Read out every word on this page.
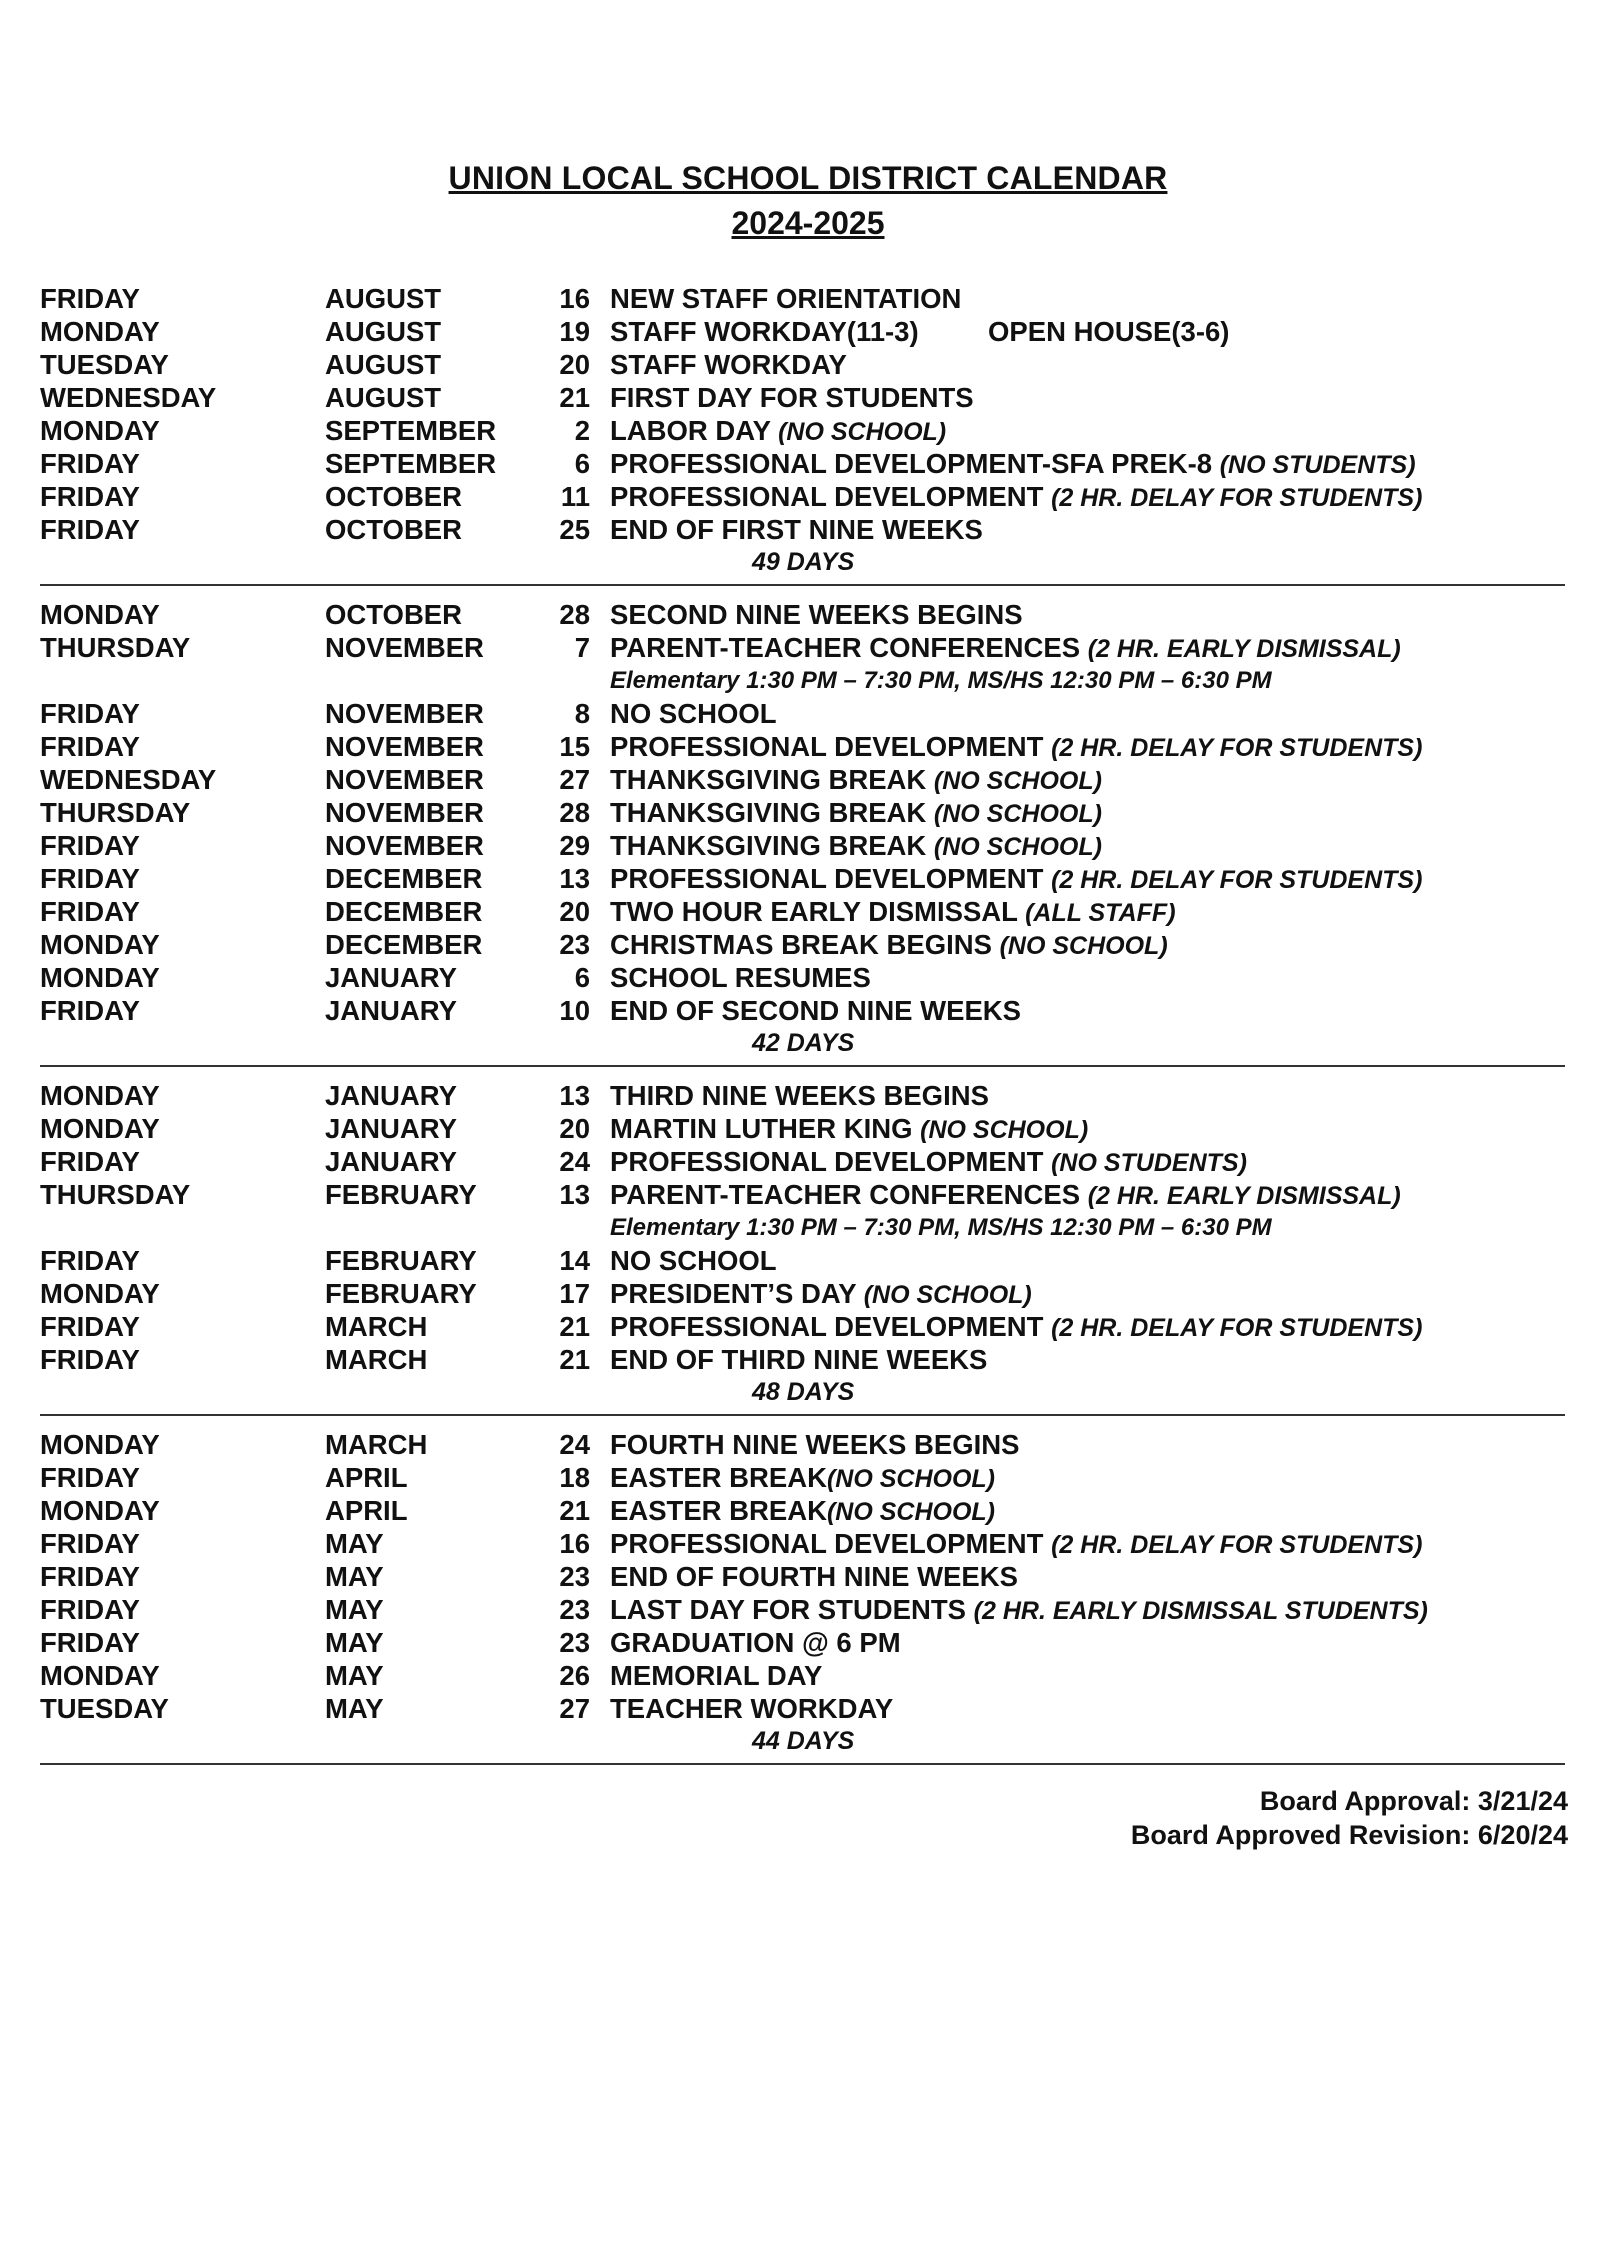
UNION LOCAL SCHOOL DISTRICT CALENDAR
2024-2025
FRIDAY	AUGUST	16 NEW STAFF ORIENTATION
MONDAY	AUGUST	19 STAFF WORKDAY(11-3)	OPEN HOUSE(3-6)
TUESDAY	AUGUST	20 STAFF WORKDAY
WEDNESDAY	AUGUST	21 FIRST DAY FOR STUDENTS
MONDAY	SEPTEMBER	2 LABOR DAY (NO SCHOOL)
FRIDAY	SEPTEMBER	6 PROFESSIONAL DEVELOPMENT-SFA PREK-8 (NO STUDENTS)
FRIDAY	OCTOBER	11 PROFESSIONAL DEVELOPMENT (2 HR. DELAY FOR STUDENTS)
FRIDAY	OCTOBER	25 END OF FIRST NINE WEEKS
49 DAYS
MONDAY	OCTOBER	28 SECOND NINE WEEKS BEGINS
THURSDAY	NOVEMBER	7 PARENT-TEACHER CONFERENCES (2 HR. EARLY DISMISSAL)
Elementary 1:30 PM – 7:30 PM, MS/HS 12:30 PM – 6:30 PM
FRIDAY	NOVEMBER	8 NO SCHOOL
FRIDAY	NOVEMBER	15 PROFESSIONAL DEVELOPMENT (2 HR. DELAY FOR STUDENTS)
WEDNESDAY	NOVEMBER	27 THANKSGIVING BREAK (NO SCHOOL)
THURSDAY	NOVEMBER	28 THANKSGIVING BREAK (NO SCHOOL)
FRIDAY	NOVEMBER	29 THANKSGIVING BREAK (NO SCHOOL)
FRIDAY	DECEMBER	13 PROFESSIONAL DEVELOPMENT (2 HR. DELAY FOR STUDENTS)
FRIDAY	DECEMBER	20 TWO HOUR EARLY DISMISSAL (ALL STAFF)
MONDAY	DECEMBER	23 CHRISTMAS BREAK BEGINS (NO SCHOOL)
MONDAY	JANUARY	6 SCHOOL RESUMES
FRIDAY	JANUARY	10 END OF SECOND NINE WEEKS
42 DAYS
MONDAY	JANUARY	13 THIRD NINE WEEKS BEGINS
MONDAY	JANUARY	20 MARTIN LUTHER KING (NO SCHOOL)
FRIDAY	JANUARY	24 PROFESSIONAL DEVELOPMENT (NO STUDENTS)
THURSDAY	FEBRUARY	13 PARENT-TEACHER CONFERENCES (2 HR. EARLY DISMISSAL)
Elementary 1:30 PM – 7:30 PM, MS/HS 12:30 PM – 6:30 PM
FRIDAY	FEBRUARY	14 NO SCHOOL
MONDAY	FEBRUARY	17 PRESIDENT’S DAY (NO SCHOOL)
FRIDAY	MARCH	21 PROFESSIONAL DEVELOPMENT (2 HR. DELAY FOR STUDENTS)
FRIDAY	MARCH	21 END OF THIRD NINE WEEKS
48 DAYS
MONDAY	MARCH	24 FOURTH NINE WEEKS BEGINS
FRIDAY	APRIL	18 EASTER BREAK(NO SCHOOL)
MONDAY	APRIL	21 EASTER BREAK(NO SCHOOL)
FRIDAY	MAY	16 PROFESSIONAL DEVELOPMENT (2 HR. DELAY FOR STUDENTS)
FRIDAY	MAY	23 END OF FOURTH NINE WEEKS
FRIDAY	MAY	23 LAST DAY FOR STUDENTS (2 HR. EARLY DISMISSAL STUDENTS)
FRIDAY	MAY	23 GRADUATION @ 6 PM
MONDAY	MAY	26 MEMORIAL DAY
TUESDAY	MAY	27 TEACHER WORKDAY
44 DAYS
Board Approval: 3/21/24
Board Approved Revision: 6/20/24
